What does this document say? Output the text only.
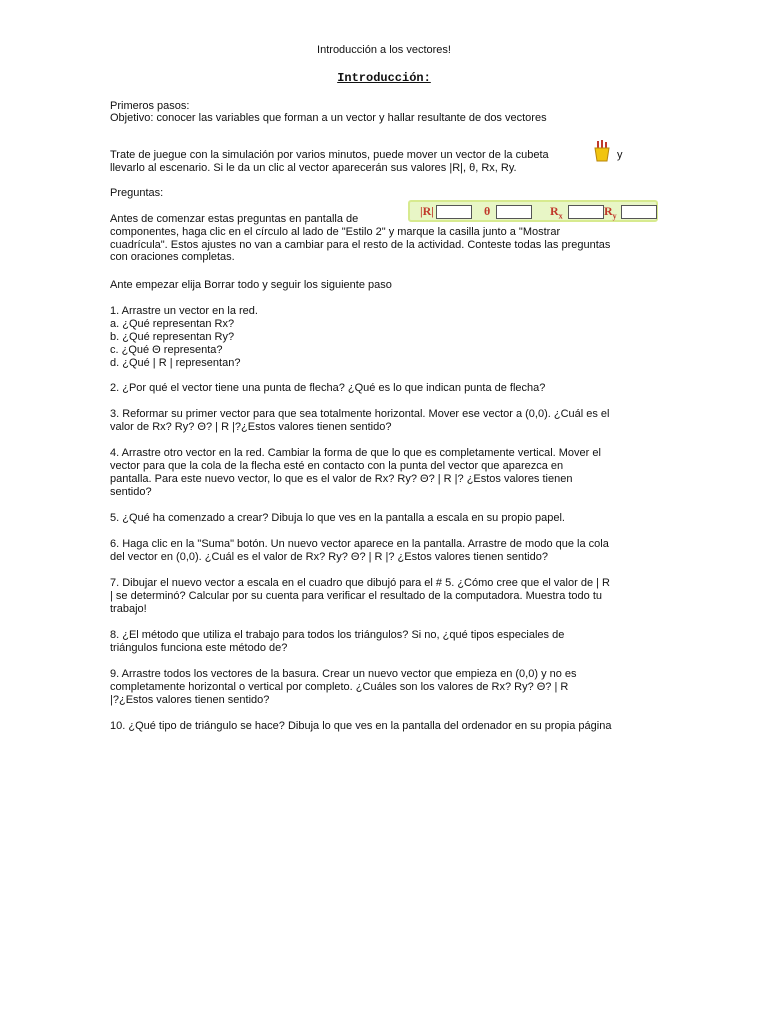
Introducción a los vectores!
Introducción:
Primeros pasos:
Objetivo: conocer las variables que forman a un vector y hallar resultante de dos vectores
Trate de juegue con la simulación por varios minutos, puede mover un vector de la cubeta	y
llevarlo al escenario. Si le da un clic al vector aparecerán sus valores |R|, θ, Rx, Ry.
Preguntas:
Antes de comenzar estas preguntas en pantalla de
|R|	θ	$R_x$	$R_y$
componentes, haga clic en el círculo al lado de "Estilo 2" y marque la casilla junto a "Mostrar
cuadrícula". Estos ajustes no van a cambiar para el resto de la actividad. Conteste todas las preguntas
con oraciones completas.
Ante empezar elija Borrar todo y seguir los siguiente paso
1. Arrastre un vector en la red.
a. ¿Qué representan Rx?
b. ¿Qué representan Ry?
c. ¿Qué Θ representa?
d. ¿Qué | R | representan?
2. ¿Por qué el vector tiene una punta de flecha? ¿Qué es lo que indican punta de flecha?
3. Reformar su primer vector para que sea totalmente horizontal. Mover ese vector a (0,0). ¿Cuál es el
valor de Rx? Ry? Θ? | R |?¿Estos valores tienen sentido?
4. Arrastre otro vector en la red. Cambiar la forma de que lo que es completamente vertical. Mover el
vector para que la cola de la flecha esté en contacto con la punta del vector que aparezca en
pantalla. Para este nuevo vector, lo que es el valor de Rx? Ry? Θ? | R |? ¿Estos valores tienen
sentido?
5. ¿Qué ha comenzado a crear? Dibuja lo que ves en la pantalla a escala en su propio papel.
6. Haga clic en la "Suma" botón. Un nuevo vector aparece en la pantalla. Arrastre de modo que la cola
del vector en (0,0). ¿Cuál es el valor de Rx? Ry? Θ? | R |? ¿Estos valores tienen sentido?
7. Dibujar el nuevo vector a escala en el cuadro que dibujó para el # 5. ¿Cómo cree que el valor de | R
| se determinó? Calcular por su cuenta para verificar el resultado de la computadora. Muestra todo tu
trabajo!
8. ¿El método que utiliza el trabajo para todos los triángulos? Si no, ¿qué tipos especiales de
triángulos funciona este método de?
9. Arrastre todos los vectores de la basura. Crear un nuevo vector que empieza en (0,0) y no es
completamente horizontal o vertical por completo. ¿Cuáles son los valores de Rx? Ry? Θ? | R
|?¿Estos valores tienen sentido?
10. ¿Qué tipo de triángulo se hace? Dibuja lo que ves en la pantalla del ordenador en su propia página
